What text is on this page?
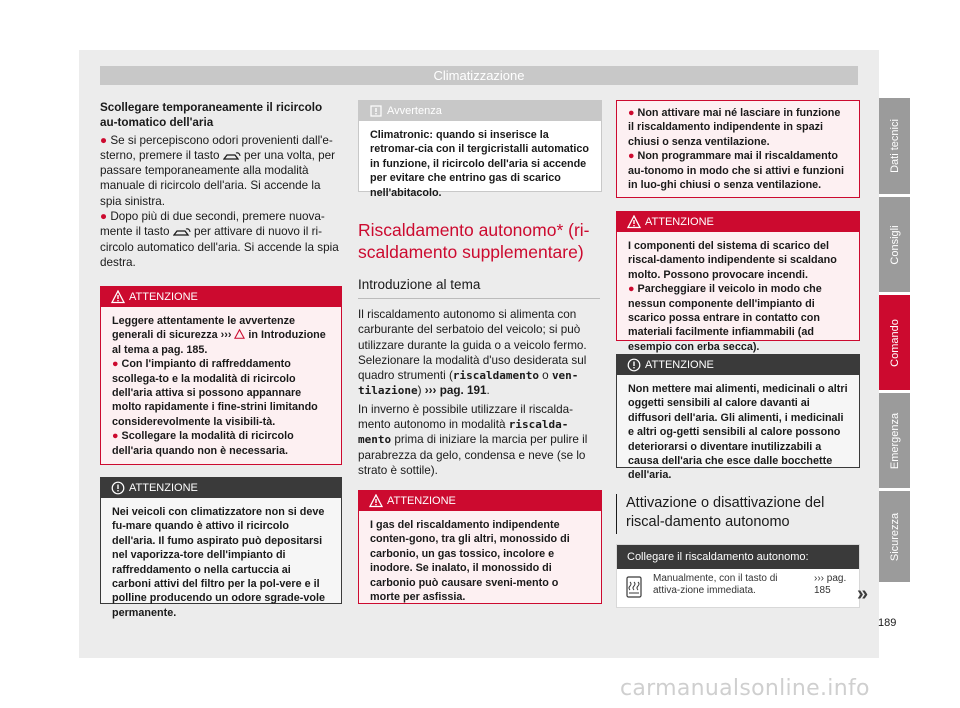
Climatizzazione

Scollegare temporaneamente il ricircolo au-tomatico dell'aria

● Se si percepiscono odori provenienti dall'e-sterno, premere il tasto per una volta, per passare temporaneamente alla modalità manuale di ricircolo dell'aria. Si accende la spia sinistra.

● Dopo più di due secondi, premere nuova-mente il tasto per attivare di nuovo il ri-circolo automatico dell'aria. Si accende la spia destra.

ATTENZIONE

Leggere attentamente le avvertenze generali di sicurezza ››› in Introduzione al tema a pag. 185.

● Con l'impianto di raffreddamento scollega-to e la modalità di ricircolo dell'aria attiva si possono appannare molto rapidamente i fine-strini limitando considerevolmente la visibili-tà.

● Scollegare la modalità di ricircolo dell'aria quando non è necessaria.

ATTENZIONE

Nei veicoli con climatizzatore non si deve fu-mare quando è attivo il ricircolo dell'aria. Il fumo aspirato può depositarsi nel vaporizza-tore dell'impianto di raffreddamento o nella cartuccia ai carboni attivi del filtro per la pol-vere e il polline producendo un odore sgrade-vole permanente.

Avvertenza

Climatronic: quando si inserisce la retromar-cia con il tergicristalli automatico in funzione, il ricircolo dell'aria si accende per evitare che entrino gas di scarico nell'abitacolo.

Riscaldamento autonomo* (ri-scaldamento supplementare)
Introduzione al tema

Il riscaldamento autonomo si alimenta con carburante del serbatoio del veicolo; si può utilizzare durante la guida o a veicolo fermo. Selezionare la modalità d'uso desiderata sul quadro strumenti (riscaldamento o ven-tilazione) ››› pag. 191.

In inverno è possibile utilizzare il riscalda-mento autonomo in modalità riscalda-mento prima di iniziare la marcia per pulire il parabrezza da gelo, condensa e neve (se lo strato è sottile).

ATTENZIONE

I gas del riscaldamento indipendente conten-gono, tra gli altri, monossido di carbonio, un gas tossico, incolore e inodore. Se inalato, il monossido di carbonio può causare sveni-mento o morte per asfissia.

● Non attivare mai né lasciare in funzione il riscaldamento indipendente in spazi chiusi o senza ventilazione.

● Non programmare mai il riscaldamento au-tonomo in modo che si attivi e funzioni in luo-ghi chiusi o senza ventilazione.

ATTENZIONE

I componenti del sistema di scarico del riscal-damento indipendente si scaldano molto. Possono provocare incendi.

● Parcheggiare il veicolo in modo che nessun componente dell'impianto di scarico possa entrare in contatto con materiali facilmente infiammabili (ad esempio con erba secca).

ATTENZIONE

Non mettere mai alimenti, medicinali o altri oggetti sensibili al calore davanti ai diffusori dell'aria. Gli alimenti, i medicinali e altri og-getti sensibili al calore possono deteriorarsi o diventare inutilizzabili a causa dell'aria che esce dalle bocchette dell'aria.

Attivazione o disattivazione del riscal-damento autonomo
Collegare il riscaldamento autonomo:
Manualmente, con il tasto di attiva-zione immediata.
››› pag. 185	»
Dati tecnici
Consigli
Comando
Emergenza
Sicurezza
189
carmanualsonline.info
